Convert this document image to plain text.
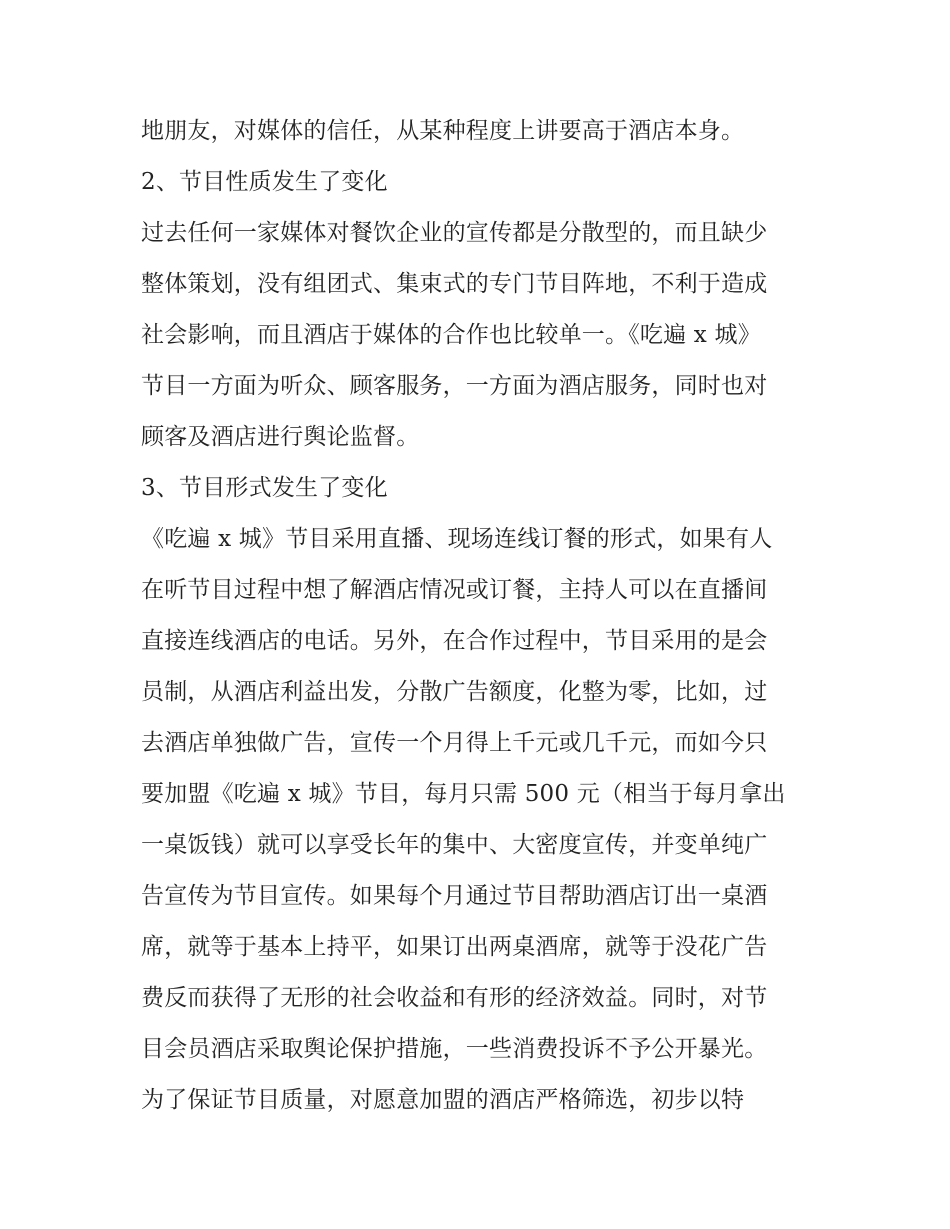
地朋友，对媒体的信任，从某种程度上讲要高于酒店本身。
2、节目性质发生了变化
过去任何一家媒体对餐饮企业的宣传都是分散型的，而且缺少
整体策划，没有组团式、集束式的专门节目阵地，不利于造成
社会影响，而且酒店于媒体的合作也比较单一。《吃遍 x 城》
节目一方面为听众、顾客服务，一方面为酒店服务，同时也对
顾客及酒店进行舆论监督。
3、节目形式发生了变化
《吃遍 x 城》节目采用直播、现场连线订餐的形式，如果有人
在听节目过程中想了解酒店情况或订餐，主持人可以在直播间
直接连线酒店的电话。另外，在合作过程中，节目采用的是会
员制，从酒店利益出发，分散广告额度，化整为零，比如，过
去酒店单独做广告，宣传一个月得上千元或几千元，而如今只
要加盟《吃遍 x 城》节目，每月只需 500 元（相当于每月拿出
一桌饭钱）就可以享受长年的集中、大密度宣传，并变单纯广
告宣传为节目宣传。如果每个月通过节目帮助酒店订出一桌酒
席，就等于基本上持平，如果订出两桌酒席，就等于没花广告
费反而获得了无形的社会收益和有形的经济效益。同时，对节
目会员酒店采取舆论保护措施，一些消费投诉不予公开暴光。
为了保证节目质量，对愿意加盟的酒店严格筛选，初步以特
